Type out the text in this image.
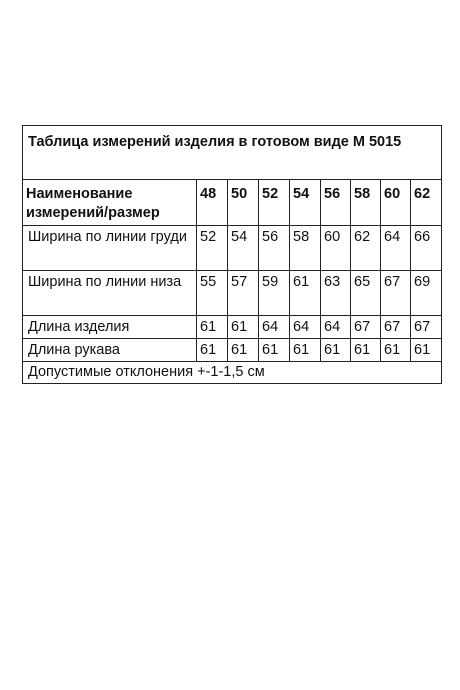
Таблица измерений изделия в готовом виде М 5015								
Наименование измерений/размер	48	50	52	54	56	58	60	62
Ширина по линии груди	52	54	56	58	60	62	64	66
Ширина по линии низа	55	57	59	61	63	65	67	69
Длина изделия	61	61	64	64	64	67	67	67
Длина рукава	61	61	61	61	61	61	61	61
Допустимые отклонения +-1-1,5 см								
